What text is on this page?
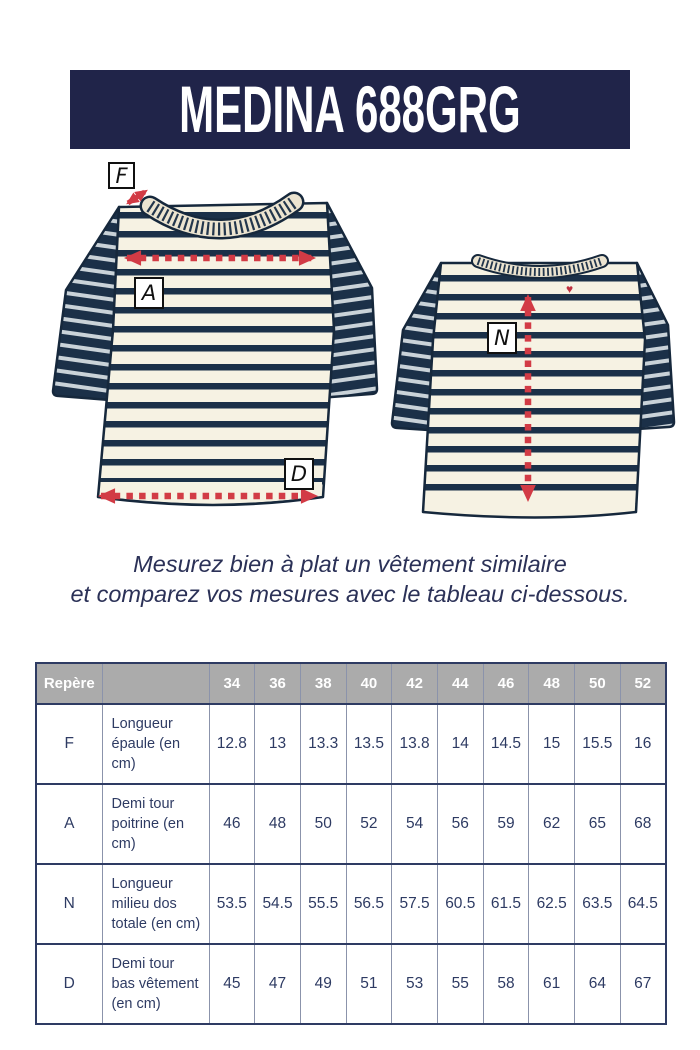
MEDINA 688GRG
♥
F
A
D
N
Mesurez bien à plat un vêtement similaire
et comparez vos mesures avec le tableau ci-dessous.
Repère		34	36	38	40	42	44	46	48	50	52
F	Longueur épaule (en cm)	12.8	13	13.3	13.5	13.8	14	14.5	15	15.5	16
A	Demi tour poitrine (en cm)	46	48	50	52	54	56	59	62	65	68
N	Longueur milieu dos totale (en cm)	53.5	54.5	55.5	56.5	57.5	60.5	61.5	62.5	63.5	64.5
D	Demi tour bas vêtement (en cm)	45	47	49	51	53	55	58	61	64	67
